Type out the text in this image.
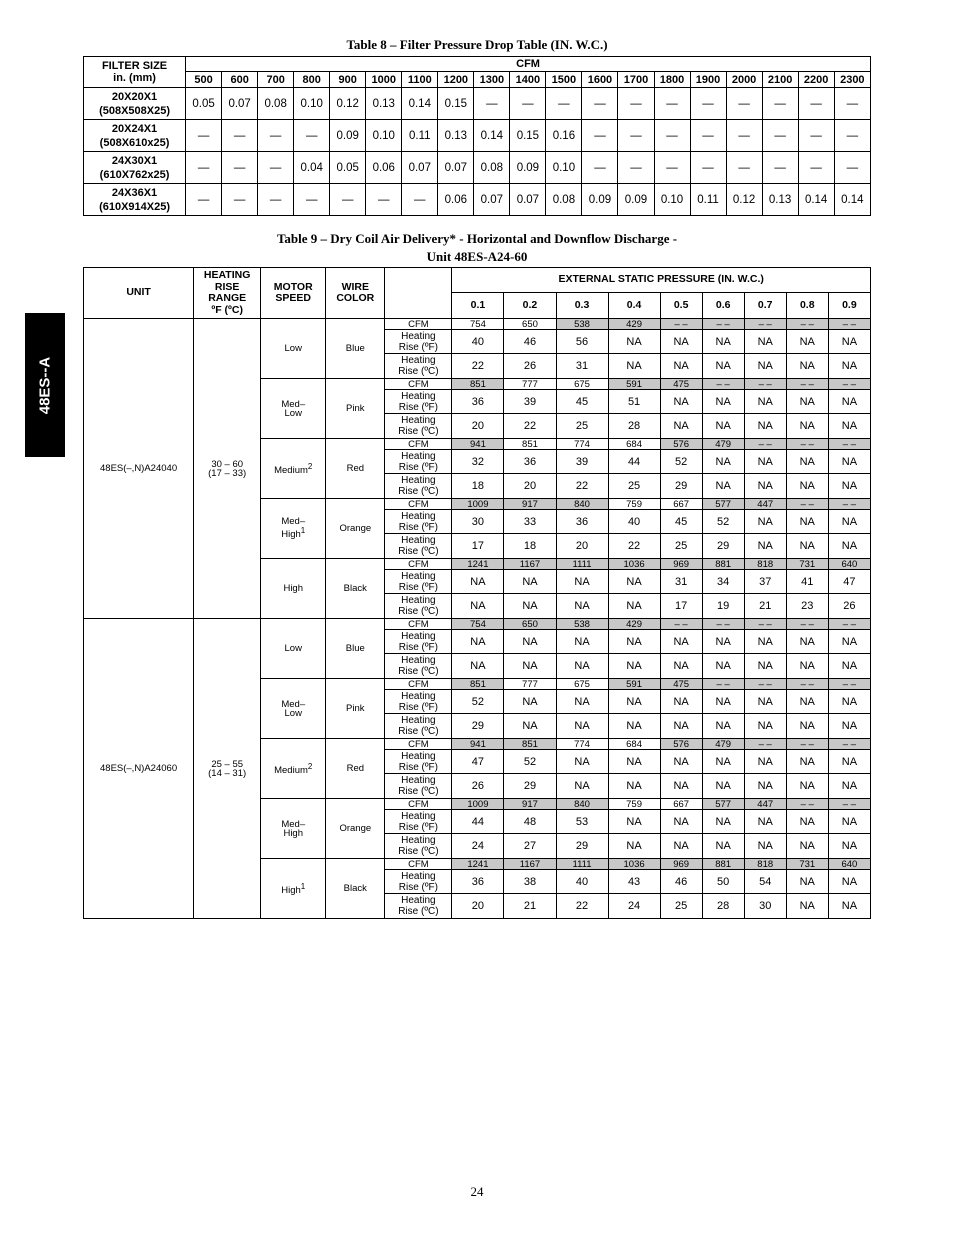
48ES--A
Table 8 – Filter Pressure Drop Table (IN. W.C.)
FILTER SIZE
in. (mm)	CFM																		
	500	600	700	800	900	1000	1100	1200	1300	1400	1500	1600	1700	1800	1900	2000	2100	2200	2300
20X20X1
(508X508X25)	0.05	0.07	0.08	0.10	0.12	0.13	0.14	0.15	—	—	—	—	—	—	—	—	—	—	—
20X24X1
(508X610x25)	—	—	—	—	0.09	0.10	0.11	0.13	0.14	0.15	0.16	—	—	—	—	—	—	—	—
24X30X1
(610X762x25)	—	—	—	0.04	0.05	0.06	0.07	0.07	0.08	0.09	0.10	—	—	—	—	—	—	—	—
24X36X1
(610X914X25)	—	—	—	—	—	—	—	0.06	0.07	0.07	0.08	0.09	0.09	0.10	0.11	0.12	0.13	0.14	0.14
Table 9 – Dry Coil Air Delivery* - Horizontal and Downflow Discharge -
Unit 48ES-A24-60
UNIT	HEATING
RISE
RANGE
ºF (ºC)	MOTOR
SPEED	WIRE
COLOR		EXTERNAL STATIC PRESSURE (IN. W.C.)								
					0.1	0.2	0.3	0.4	0.5	0.6	0.7	0.8	0.9
48ES(–,N)A24040	30 – 60
(17 – 33)	Low	Blue	CFM	754	650	538	429	– –	– –	– –	– –	– –
				Heating
Rise (ºF)	40	46	56	NA	NA	NA	NA	NA	NA
				Heating
Rise (ºC)	22	26	31	NA	NA	NA	NA	NA	NA
		Med–
Low	Pink	CFM	851	777	675	591	475	– –	– –	– –	– –
				Heating
Rise (ºF)	36	39	45	51	NA	NA	NA	NA	NA
				Heating
Rise (ºC)	20	22	25	28	NA	NA	NA	NA	NA
		Medium$^2$	Red	CFM	941	851	774	684	576	479	– –	– –	– –
				Heating
Rise (ºF)	32	36	39	44	52	NA	NA	NA	NA
				Heating
Rise (ºC)	18	20	22	25	29	NA	NA	NA	NA
		Med–
High$^1$	Orange	CFM	1009	917	840	759	667	577	447	– –	– –
				Heating
Rise (ºF)	30	33	36	40	45	52	NA	NA	NA
				Heating
Rise (ºC)	17	18	20	22	25	29	NA	NA	NA
		High	Black	CFM	1241	1167	1111	1036	969	881	818	731	640
				Heating
Rise (ºF)	NA	NA	NA	NA	31	34	37	41	47
				Heating
Rise (ºC)	NA	NA	NA	NA	17	19	21	23	26
48ES(–,N)A24060	25 – 55
(14 – 31)	Low	Blue	CFM	754	650	538	429	– –	– –	– –	– –	– –
				Heating
Rise (ºF)	NA	NA	NA	NA	NA	NA	NA	NA	NA
				Heating
Rise (ºC)	NA	NA	NA	NA	NA	NA	NA	NA	NA
		Med–
Low	Pink	CFM	851	777	675	591	475	– –	– –	– –	– –
				Heating
Rise (ºF)	52	NA	NA	NA	NA	NA	NA	NA	NA
				Heating
Rise (ºC)	29	NA	NA	NA	NA	NA	NA	NA	NA
		Medium$^2$	Red	CFM	941	851	774	684	576	479	– –	– –	– –
				Heating
Rise (ºF)	47	52	NA	NA	NA	NA	NA	NA	NA
				Heating
Rise (ºC)	26	29	NA	NA	NA	NA	NA	NA	NA
		Med–
High	Orange	CFM	1009	917	840	759	667	577	447	– –	– –
				Heating
Rise (ºF)	44	48	53	NA	NA	NA	NA	NA	NA
				Heating
Rise (ºC)	24	27	29	NA	NA	NA	NA	NA	NA
		High$^1$	Black	CFM	1241	1167	1111	1036	969	881	818	731	640
				Heating
Rise (ºF)	36	38	40	43	46	50	54	NA	NA
				Heating
Rise (ºC)	20	21	22	24	25	28	30	NA	NA
24
